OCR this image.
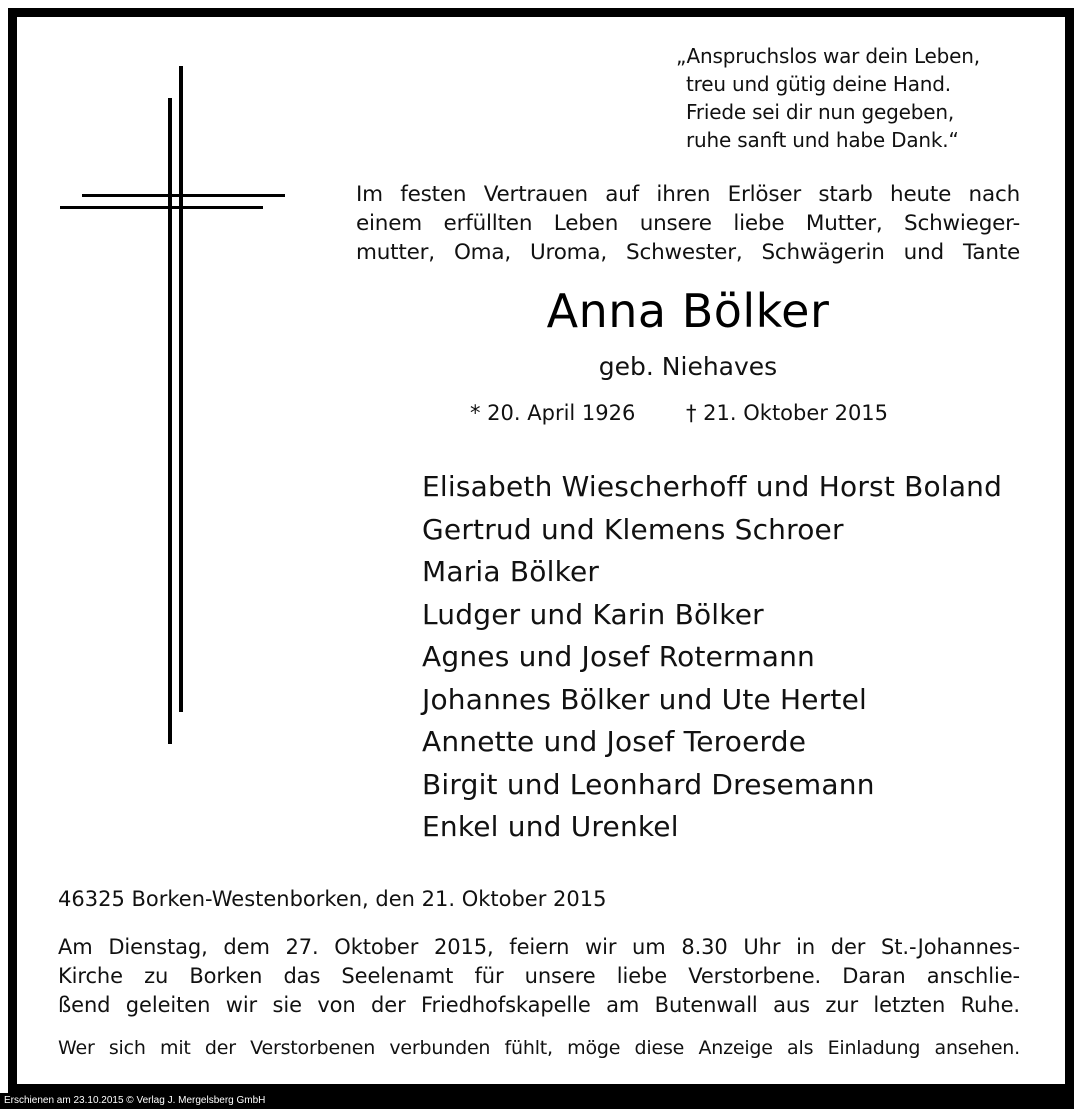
„Anspruchslos war dein Leben,
treu und gütig deine Hand.
Friede sei dir nun gegeben,
ruhe sanft und habe Dank.“
Im festen Vertrauen auf ihren Erlöser starb heute nach
einem erfüllten Leben unsere liebe Mutter, Schwieger-
mutter, Oma, Uroma, Schwester, Schwägerin und Tante
Anna Bölker
geb. Niehaves
* 20. April 1926 † 21. Oktober 2015
Elisabeth Wiescherhoff und Horst Boland
Gertrud und Klemens Schroer
Maria Bölker
Ludger und Karin Bölker
Agnes und Josef Rotermann
Johannes Bölker und Ute Hertel
Annette und Josef Teroerde
Birgit und Leonhard Dresemann
Enkel und Urenkel
46325 Borken-Westenborken, den 21. Oktober 2015
Am Dienstag, dem 27. Oktober 2015, feiern wir um 8.30 Uhr in der St.-Johannes-
Kirche zu Borken das Seelenamt für unsere liebe Verstorbene. Daran anschlie-
ßend geleiten wir sie von der Friedhofskapelle am Butenwall aus zur letzten Ruhe.
Wer sich mit der Verstorbenen verbunden fühlt, möge diese Anzeige als Einladung ansehen.
Erschienen am 23.10.2015 © Verlag J. Mergelsberg GmbH
